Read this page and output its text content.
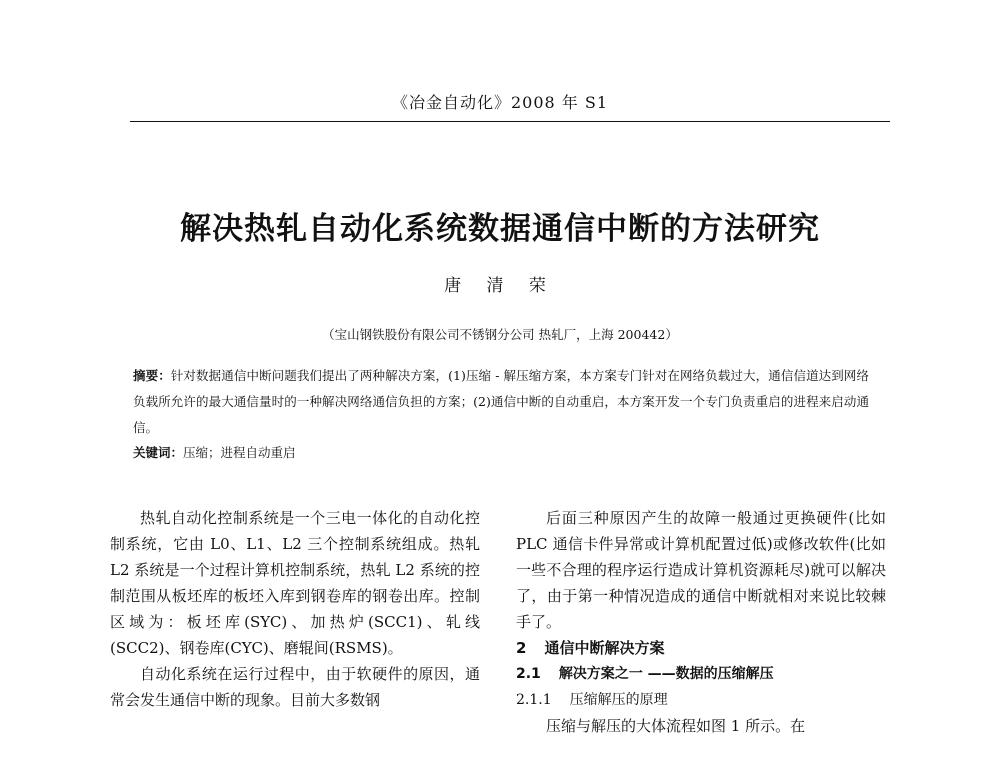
《冶金自动化》2008 年 S1
解决热轧自动化系统数据通信中断的方法研究
唐 清 荣
（宝山钢铁股份有限公司不锈钢分公司 热轧厂，上海 200442）
摘要：针对数据通信中断问题我们提出了两种解决方案，(1)压缩 - 解压缩方案，本方案专门针对在网络负载过大，通信信道达到网络负载所允许的最大通信量时的一种解决网络通信负担的方案；(2)通信中断的自动重启，本方案开发一个专门负责重启的进程来启动通信。
关键词：压缩；进程自动重启

热轧自动化控制系统是一个三电一体化的自动化控制系统，它由 L0、L1、L2 三个控制系统组成。热轧 L2 系统是一个过程计算机控制系统，热轧 L2 系统的控制范围从板坯库的板坯入库到钢卷库的钢卷出库。控制区域为：板坯库(SYC)、加热炉(SCC1)、轧线(SCC2)、钢卷库(CYC)、磨辊间(RSMS)。

自动化系统在运行过程中，由于软硬件的原因，通常会发生通信中断的现象。目前大多数钢

后面三种原因产生的故障一般通过更换硬件(比如 PLC 通信卡件异常或计算机配置过低)或修改软件(比如一些不合理的程序运行造成计算机资源耗尽)就可以解决了，由于第一种情况造成的通信中断就相对来说比较棘手了。

2 通信中断解决方案

2.1 解决方案之一 ——数据的压缩解压

2.1.1 压缩解压的原理

压缩与解压的大体流程如图 1 所示。在
